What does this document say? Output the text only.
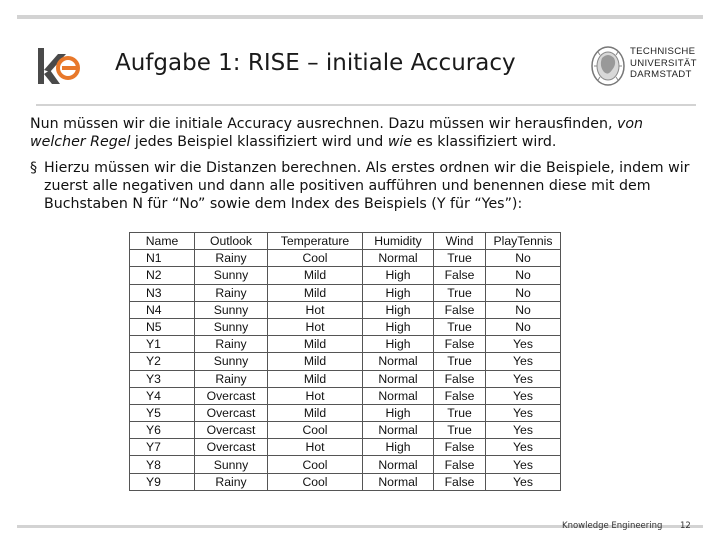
Aufgabe 1: RISE – initiale Accuracy	TECHNISCHE
UNIVERSITÄT
DARMSTADT

Nun müssen wir die initiale Accuracy ausrechnen. Dazu müssen wir herausfinden, von welcher Regel jedes Beispiel klassifiziert wird und wie es klassifiziert wird.

§ Hierzu müssen wir die Distanzen berechnen. Als erstes ordnen wir die Beispiele, indem wir zuerst alle negativen und dann alle positiven aufführen und benennen diese mit dem Buchstaben N für “No” sowie dem Index des Beispiels (Y für “Yes”):

Name	Outlook	Temperature	Humidity	Wind	PlayTennis
N1	Rainy	Cool	Normal	True	No
N2	Sunny	Mild	High	False	No
N3	Rainy	Mild	High	True	No
N4	Sunny	Hot	High	False	No
N5	Sunny	Hot	High	True	No
Y1	Rainy	Mild	High	False	Yes
Y2	Sunny	Mild	Normal	True	Yes
Y3	Rainy	Mild	Normal	False	Yes
Y4	Overcast	Hot	Normal	False	Yes
Y5	Overcast	Mild	High	True	Yes
Y6	Overcast	Cool	Normal	True	Yes
Y7	Overcast	Hot	High	False	Yes
Y8	Sunny	Cool	Normal	False	Yes
Y9	Rainy	Cool	Normal	False	Yes
Knowledge Engineering 12
